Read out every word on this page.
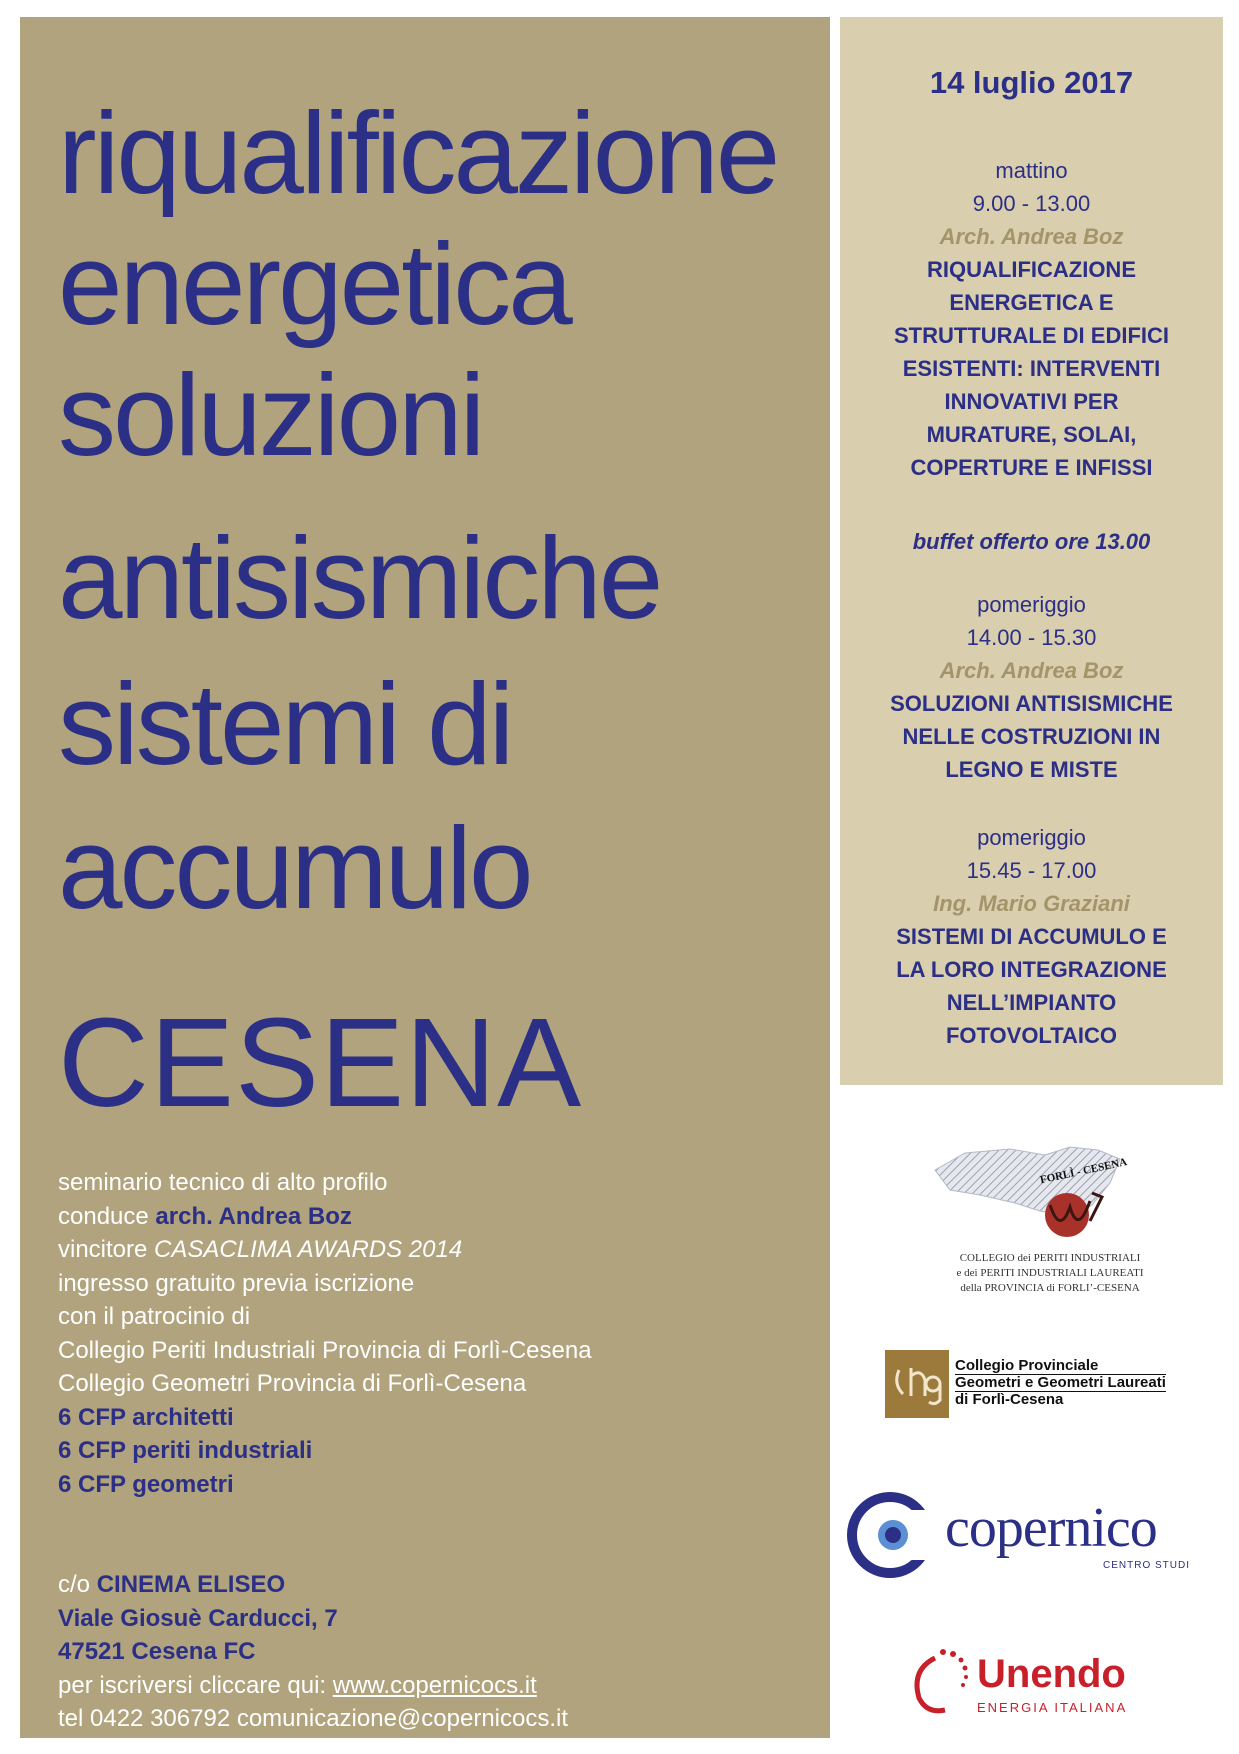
riqualificazione
energetica
soluzioni
antisismiche
sistemi di
accumulo
CESENA
seminario tecnico di alto profilo
conduce arch. Andrea Boz
vincitore CASACLIMA AWARDS 2014
ingresso gratuito previa iscrizione
con il patrocinio di
Collegio Periti Industriali Provincia di Forlì-Cesena
Collegio Geometri Provincia di Forlì-Cesena
6 CFP architetti
6 CFP periti industriali
6 CFP geometri
c/o CINEMA ELISEO
Viale Giosuè Carducci, 7
47521 Cesena FC
per iscriversi cliccare qui: www.copernicocs.it
tel 0422 306792 comunicazione@copernicocs.it
14 luglio 2017
mattino
9.00 - 13.00
Arch. Andrea Boz
RIQUALIFICAZIONE
ENERGETICA E
STRUTTURALE DI EDIFICI
ESISTENTI: INTERVENTI
INNOVATIVI PER
MURATURE, SOLAI,
COPERTURE E INFISSI
buffet offerto ore 13.00
pomeriggio
14.00 - 15.30
Arch. Andrea Boz
SOLUZIONI ANTISISMICHE
NELLE COSTRUZIONI IN
LEGNO E MISTE
pomeriggio
15.45 - 17.00
Ing. Mario Graziani
SISTEMI DI ACCUMULO E
LA LORO INTEGRAZIONE
NELL’IMPIANTO
FOTOVOLTAICO
FORLÌ - CESENA
COLLEGIO dei PERITI INDUSTRIALI
e dei PERITI INDUSTRIALI LAUREATI
della PROVINCIA di FORLI’-CESENA
Collegio Provinciale
Geometri e Geometri Laureati
di Forlì-Cesena
copernico
CENTRO STUDI
Unendo
ENERGIA ITALIANA
